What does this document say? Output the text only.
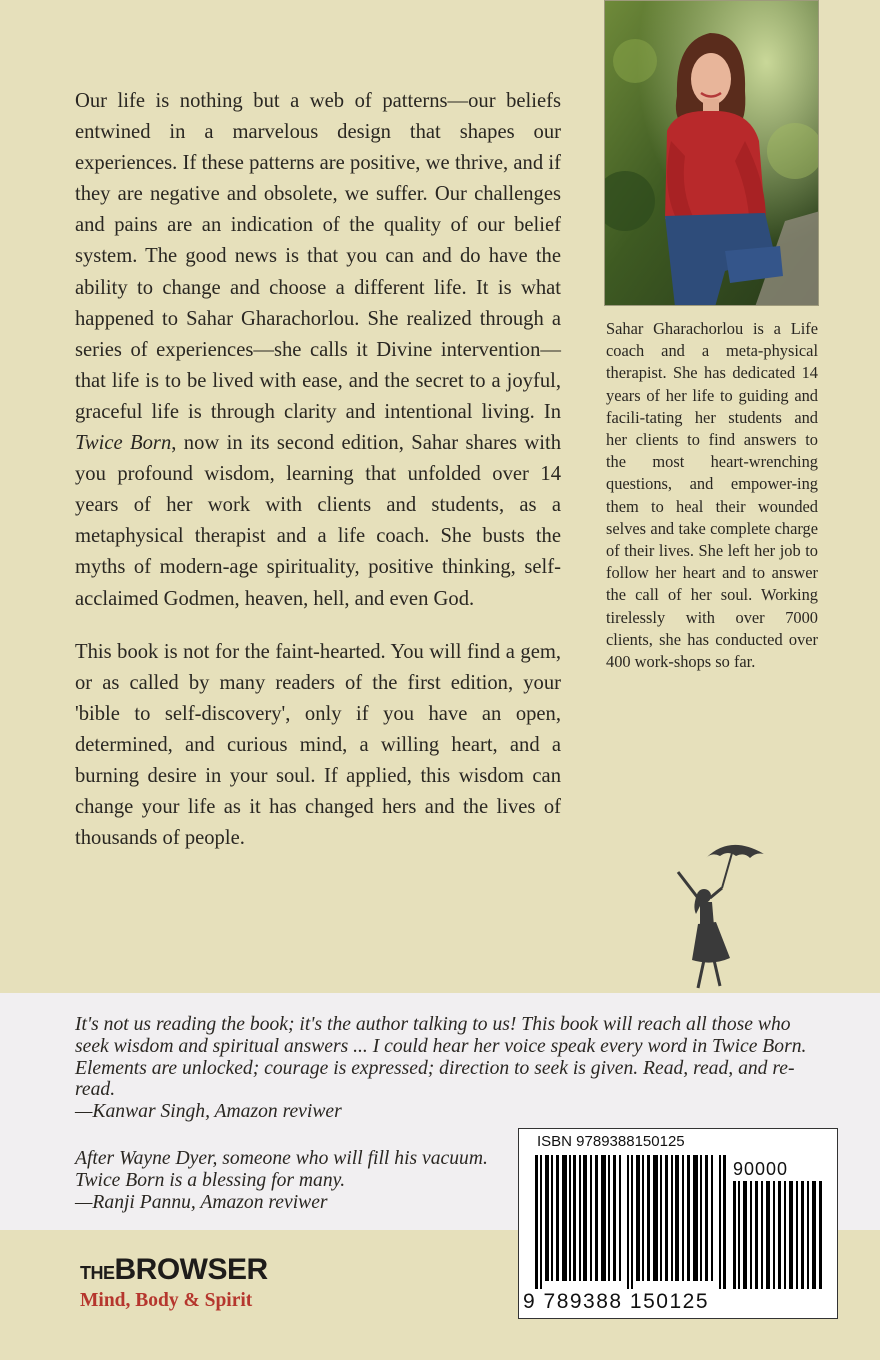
Our life is nothing but a web of patterns—our beliefs entwined in a marvelous design that shapes our experiences. If these patterns are positive, we thrive, and if they are negative and obsolete, we suffer. Our challenges and pains are an indication of the quality of our belief system. The good news is that you can and do have the ability to change and choose a different life. It is what happened to Sahar Gharachorlou. She realized through a series of experiences—she calls it Divine intervention—that life is to be lived with ease, and the secret to a joyful, graceful life is through clarity and intentional living. In Twice Born, now in its second edition, Sahar shares with you profound wisdom, learning that unfolded over 14 years of her work with clients and students, as a metaphysical therapist and a life coach. She busts the myths of modern-age spirituality, positive thinking, self-acclaimed Godmen, heaven, hell, and even God.

This book is not for the faint-hearted. You will find a gem, or as called by many readers of the first edition, your 'bible to self-discovery', only if you have an open, determined, and curious mind, a willing heart, and a burning desire in your soul. If applied, this wisdom can change your life as it has changed hers and the lives of thousands of people.

Sahar Gharachorlou is a Life coach and a meta-physical therapist. She has dedicated 14 years of her life to guiding and facili-tating her students and her clients to find answers to the most heart-wrenching questions, and empower-ing them to heal their wounded selves and take complete charge of their lives. She left her job to follow her heart and to answer the call of her soul. Working tirelessly with over 7000 clients, she has conducted over 400 work-shops so far.
It's not us reading the book; it's the author talking to us! This book will reach all those who seek wisdom and spiritual answers ... I could hear her voice speak every word in Twice Born. Elements are unlocked; courage is expressed; direction to seek is given. Read, read, and re-read.
—Kanwar Singh, Amazon reviwer
After Wayne Dyer, someone who will fill his vacuum. Twice Born is a blessing for many.
—Ranji Pannu, Amazon reviwer
THEBROWSER
Mind, Body & Spirit
ISBN 9789388150125
90000
9 789388 150125
